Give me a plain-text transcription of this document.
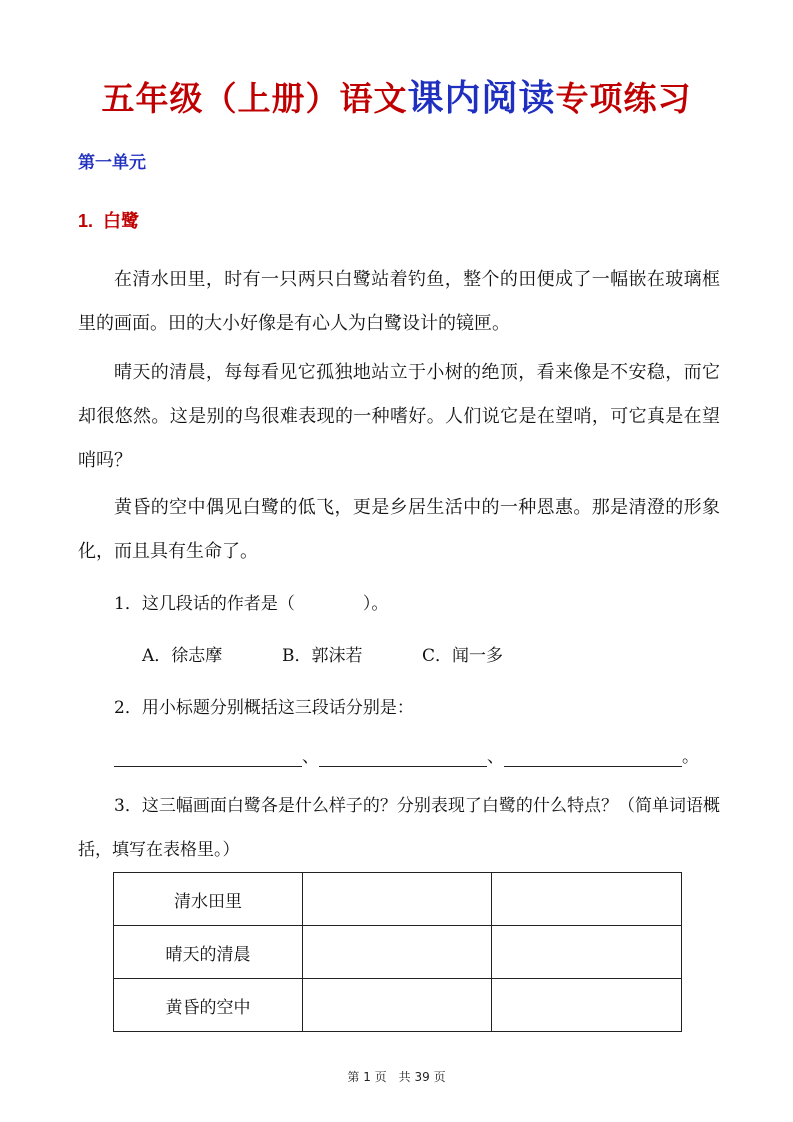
五年级（上册）语文课内阅读专项练习
第一单元
1. 白鹭
在清水田里，时有一只两只白鹭站着钓鱼，整个的田便成了一幅嵌在玻璃框里的画面。田的大小好像是有心人为白鹭设计的镜匣。
晴天的清晨，每每看见它孤独地站立于小树的绝顶，看来像是不安稳，而它却很悠然。这是别的鸟很难表现的一种嗜好。人们说它是在望哨，可它真是在望哨吗？
黄昏的空中偶见白鹭的低飞，更是乡居生活中的一种恩惠。那是清澄的形象化，而且具有生命了。
1．这几段话的作者是（　　　　）。
A．徐志摩	B．郭沫若	C．闻一多
2．用小标题分别概括这三段话分别是：
、	、	。
3．这三幅画面白鹭各是什么样子的？分别表现了白鹭的什么特点？（简单词语概括，填写在表格里。）
清水田里		
晴天的清晨		
黄昏的空中		
第 1 页　共 39 页
